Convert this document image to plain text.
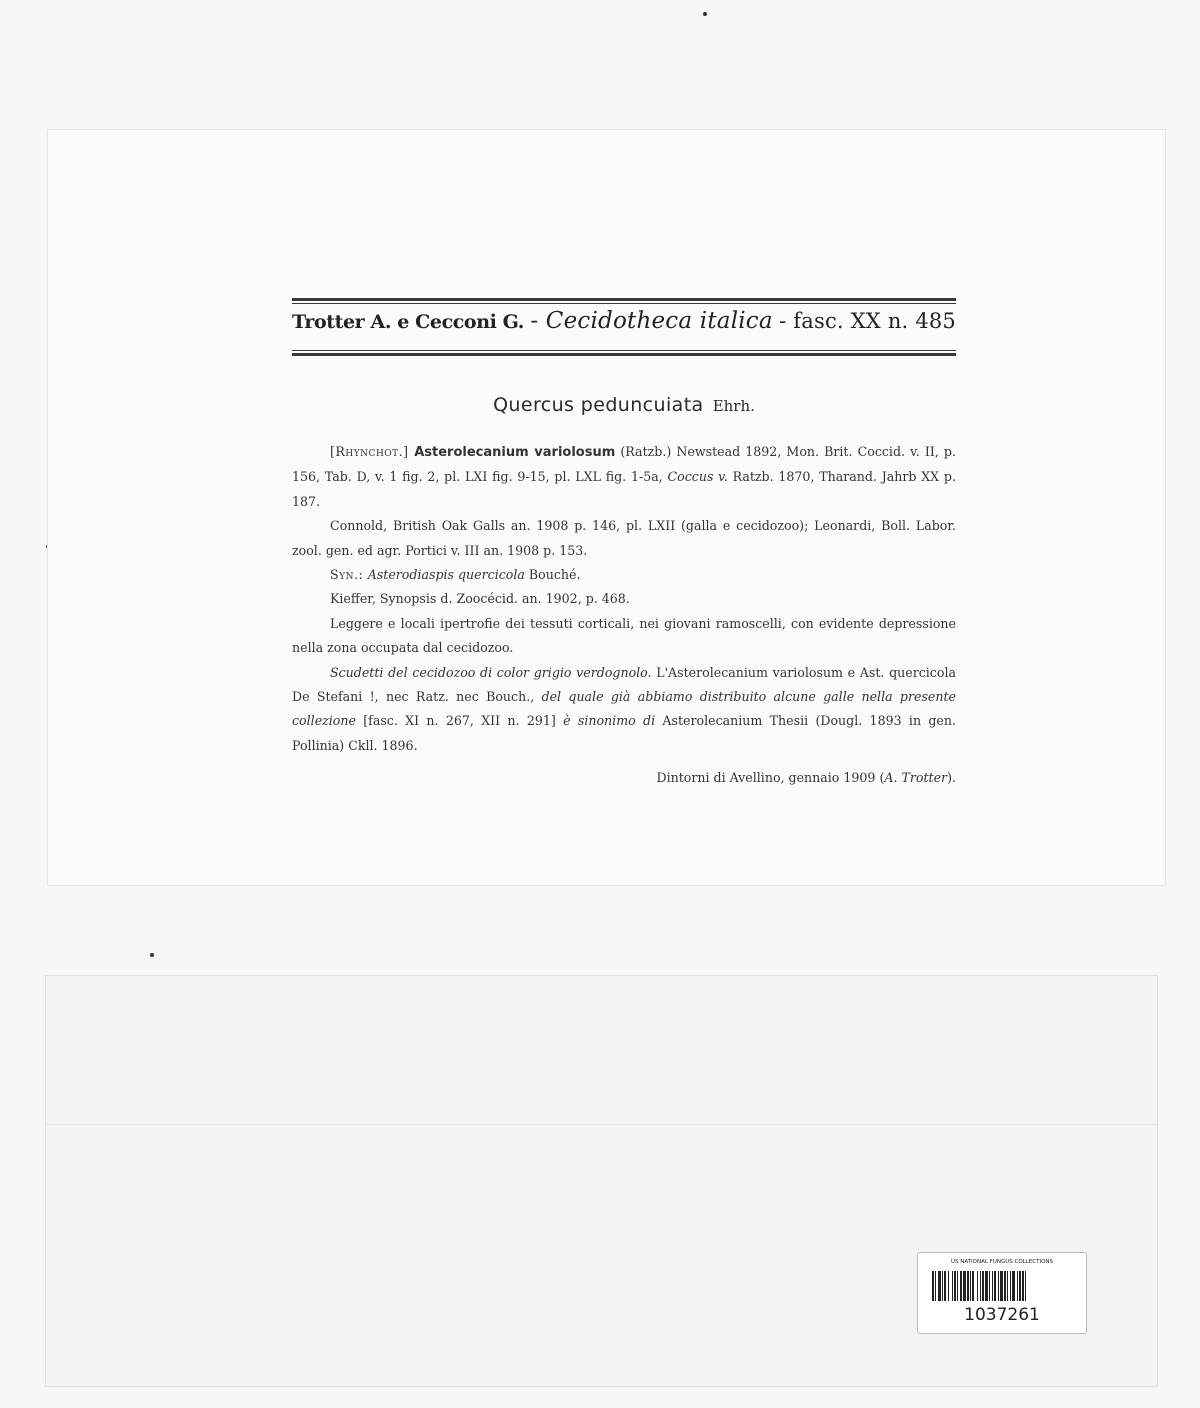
Trotter A. e Cecconi G. - Cecidotheca italica - fasc. XX n. 485
Quercus peduncuiata Ehrh.

[Rhynchot.] Asterolecanium variolosum (Ratzb.) Newstead 1892, Mon. Brit. Coccid. v. II, p. 156, Tab. D, v. 1 fig. 2, pl. LXI fig. 9-15, pl. LXL fig. 1-5a, Coccus v. Ratzb. 1870, Tharand. Jahrb XX p. 187.

Connold, British Oak Galls an. 1908 p. 146, pl. LXII (galla e cecidozoo); Leonardi, Boll. Labor. zool. gen. ed agr. Portici v. III an. 1908 p. 153.

Syn.: Asterodiaspis quercicola Bouché.

Kieffer, Synopsis d. Zoocécid. an. 1902, p. 468.

Leggere e locali ipertrofie dei tessuti corticali, nei giovani ramoscelli, con evidente depressione nella zona occupata dal cecidozoo.

Scudetti del cecidozoo di color grigio verdognolo. L'Asterolecanium variolosum e Ast. quercicola De Stefani !, nec Ratz. nec Bouch., del quale già abbiamo distribuito alcune galle nella presente collezione [fasc. XI n. 267, XII n. 291] è sinonimo di Asterolecanium Thesii (Dougl. 1893 in gen. Pollinia) Ckll. 1896.

Dintorni di Avellino, gennaio 1909 (A. Trotter).
US NATIONAL FUNGUS COLLECTIONS
1037261
